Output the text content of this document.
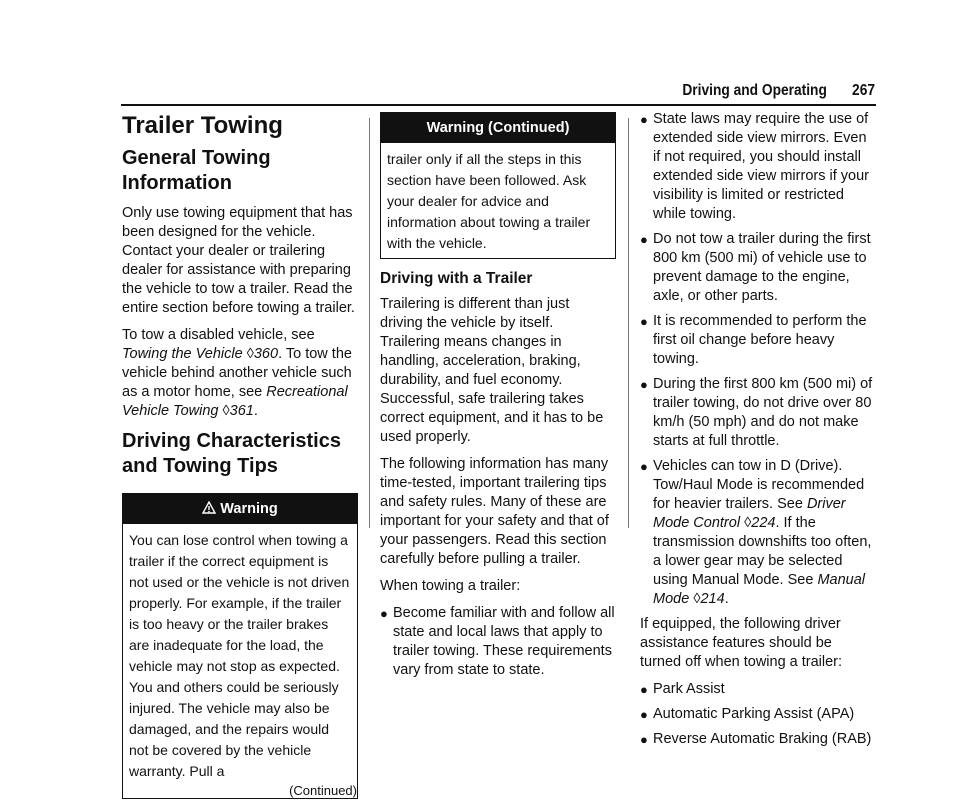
Driving and Operating 267
Trailer Towing
General Towing Information

Only use towing equipment that has been designed for the vehicle. Contact your dealer or trailering dealer for assistance with preparing the vehicle to tow a trailer. Read the entire section before towing a trailer.

To tow a disabled vehicle, see Towing the Vehicle ◊360. To tow the vehicle behind another vehicle such as a motor home, see Recreational Vehicle Towing ◊361.

Driving Characteristics and Towing Tips
Warning
You can lose control when towing a trailer if the correct equipment is not used or the vehicle is not driven properly. For example, if the trailer is too heavy or the trailer brakes are inadequate for the load, the vehicle may not stop as expected. You and others could be seriously injured. The vehicle may also be damaged, and the repairs would not be covered by the vehicle warranty. Pull a
(Continued)
Warning (Continued)
trailer only if all the steps in this section have been followed. Ask your dealer for advice and information about towing a trailer with the vehicle.
Driving with a Trailer

Trailering is different than just driving the vehicle by itself. Trailering means changes in handling, acceleration, braking, durability, and fuel economy. Successful, safe trailering takes correct equipment, and it has to be used properly.

The following information has many time-tested, important trailering tips and safety rules. Many of these are important for your safety and that of your passengers. Read this section carefully before pulling a trailer.

When towing a trailer:

● Become familiar with and follow all state and local laws that apply to trailer towing. These requirements vary from state to state.
● State laws may require the use of extended side view mirrors. Even if not required, you should install extended side view mirrors if your visibility is limited or restricted while towing.
● Do not tow a trailer during the first 800 km (500 mi) of vehicle use to prevent damage to the engine, axle, or other parts.
● It is recommended to perform the first oil change before heavy towing.
● During the first 800 km (500 mi) of trailer towing, do not drive over 80 km/h (50 mph) and do not make starts at full throttle.
● Vehicles can tow in D (Drive). Tow/Haul Mode is recommended for heavier trailers. See Driver Mode Control ◊224. If the transmission downshifts too often, a lower gear may be selected using Manual Mode. See Manual Mode ◊214.

If equipped, the following driver assistance features should be turned off when towing a trailer:

● Park Assist
● Automatic Parking Assist (APA)
● Reverse Automatic Braking (RAB)
